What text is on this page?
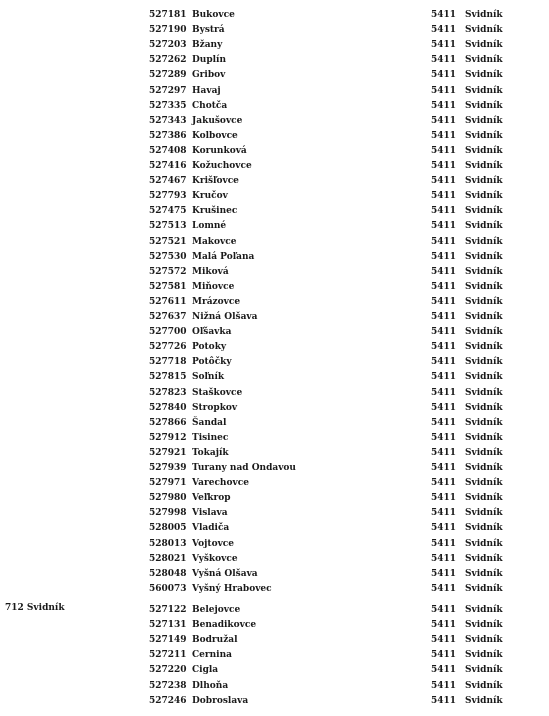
527181 Bukovce	5411 Svidník
527190 Bystrá	5411 Svidník
527203 Bžany	5411 Svidník
527262 Duplín	5411 Svidník
527289 Gribov	5411 Svidník
527297 Havaj	5411 Svidník
527335 Chotča	5411 Svidník
527343 Jakušovce	5411 Svidník
527386 Kolbovce	5411 Svidník
527408 Korunková	5411 Svidník
527416 Kožuchovce	5411 Svidník
527467 Krišľovce	5411 Svidník
527793 Kručov	5411 Svidník
527475 Krušinec	5411 Svidník
527513 Lomné	5411 Svidník
527521 Makovce	5411 Svidník
527530 Malá Poľana	5411 Svidník
527572 Miková	5411 Svidník
527581 Miňovce	5411 Svidník
527611 Mrázovce	5411 Svidník
527637 Nižná Olšava	5411 Svidník
527700 Oľšavka	5411 Svidník
527726 Potoky	5411 Svidník
527718 Potôčky	5411 Svidník
527815 Soľník	5411 Svidník
527823 Staškovce	5411 Svidník
527840 Stropkov	5411 Svidník
527866 Šandal	5411 Svidník
527912 Tisinec	5411 Svidník
527921 Tokajík	5411 Svidník
527939 Turany nad Ondavou	5411 Svidník
527971 Varechovce	5411 Svidník
527980 Veľkrop	5411 Svidník
527998 Vislava	5411 Svidník
528005 Vladiča	5411 Svidník
528013 Vojtovce	5411 Svidník
528021 Vyškovce	5411 Svidník
528048 Vyšná Olšava	5411 Svidník
560073 Vyšný Hrabovec	5411 Svidník
712 Svidník	527122 Belejovce	5411 Svidník
527131 Benadikovce	5411 Svidník
527149 Bodružal	5411 Svidník
527211 Cernina	5411 Svidník
527220 Cigla	5411 Svidník
527238 Dlhoňa	5411 Svidník
527246 Dobroslava	5411 Svidník
